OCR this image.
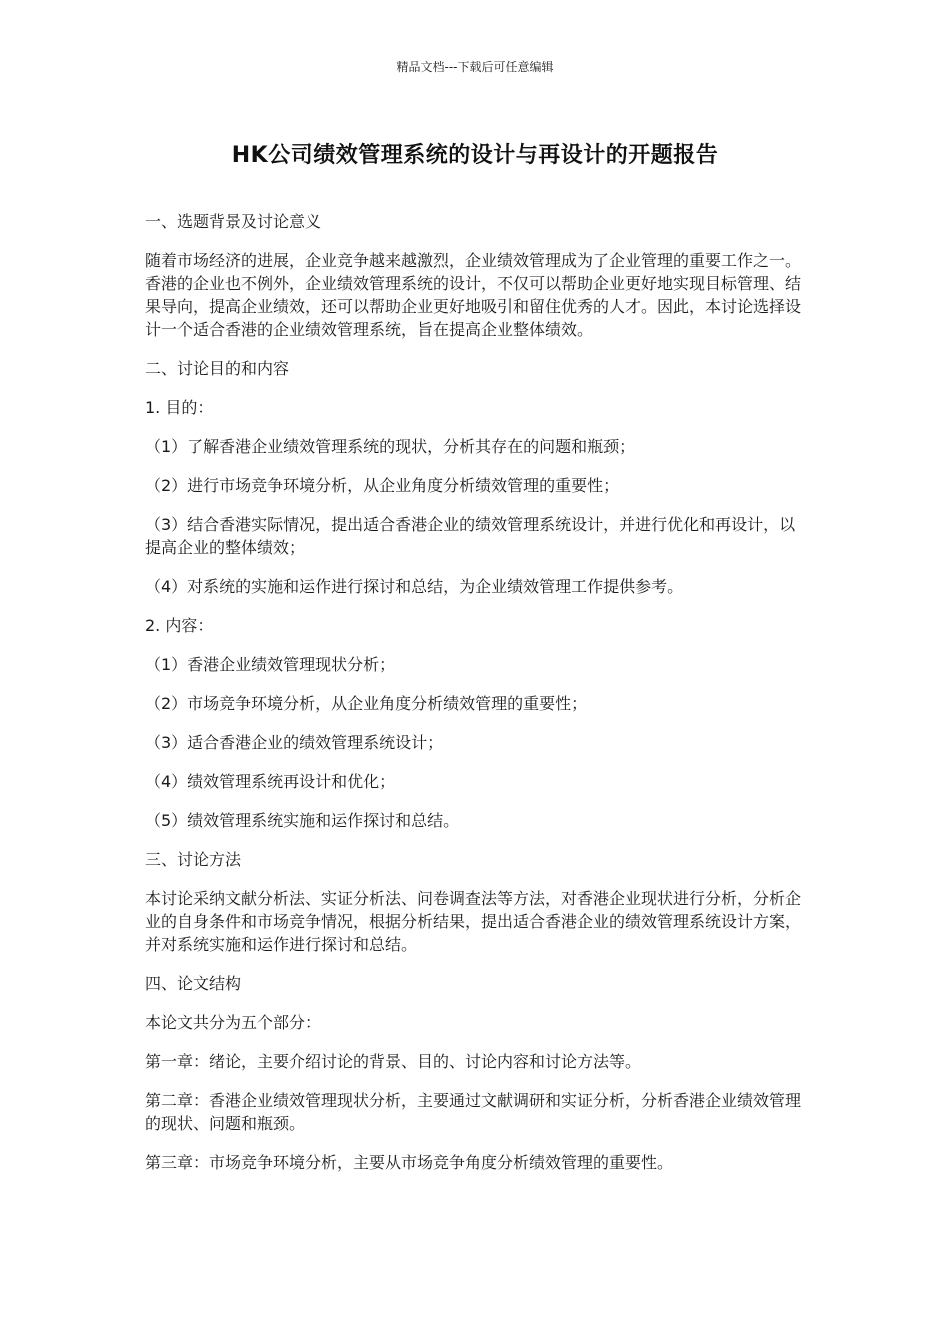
精品文档---下载后可任意编辑
HK公司绩效管理系统的设计与再设计的开题报告

一、选题背景及讨论意义

随着市场经济的进展，企业竞争越来越激烈，企业绩效管理成为了企业管理的重要工作之一。香港的企业也不例外，企业绩效管理系统的设计，不仅可以帮助企业更好地实现目标管理、结果导向，提高企业绩效，还可以帮助企业更好地吸引和留住优秀的人才。因此，本讨论选择设计一个适合香港的企业绩效管理系统，旨在提高企业整体绩效。

二、讨论目的和内容

1. 目的：

（1）了解香港企业绩效管理系统的现状，分析其存在的问题和瓶颈；

（2）进行市场竞争环境分析，从企业角度分析绩效管理的重要性；

（3）结合香港实际情况，提出适合香港企业的绩效管理系统设计，并进行优化和再设计，以提高企业的整体绩效；

（4）对系统的实施和运作进行探讨和总结，为企业绩效管理工作提供参考。

2. 内容：

（1）香港企业绩效管理现状分析；

（2）市场竞争环境分析，从企业角度分析绩效管理的重要性；

（3）适合香港企业的绩效管理系统设计；

（4）绩效管理系统再设计和优化；

（5）绩效管理系统实施和运作探讨和总结。

三、讨论方法

本讨论采纳文献分析法、实证分析法、问卷调查法等方法，对香港企业现状进行分析，分析企业的自身条件和市场竞争情况，根据分析结果，提出适合香港企业的绩效管理系统设计方案，并对系统实施和运作进行探讨和总结。

四、论文结构

本论文共分为五个部分：

第一章：绪论，主要介绍讨论的背景、目的、讨论内容和讨论方法等。

第二章：香港企业绩效管理现状分析，主要通过文献调研和实证分析，分析香港企业绩效管理的现状、问题和瓶颈。

第三章：市场竞争环境分析，主要从市场竞争角度分析绩效管理的重要性。
